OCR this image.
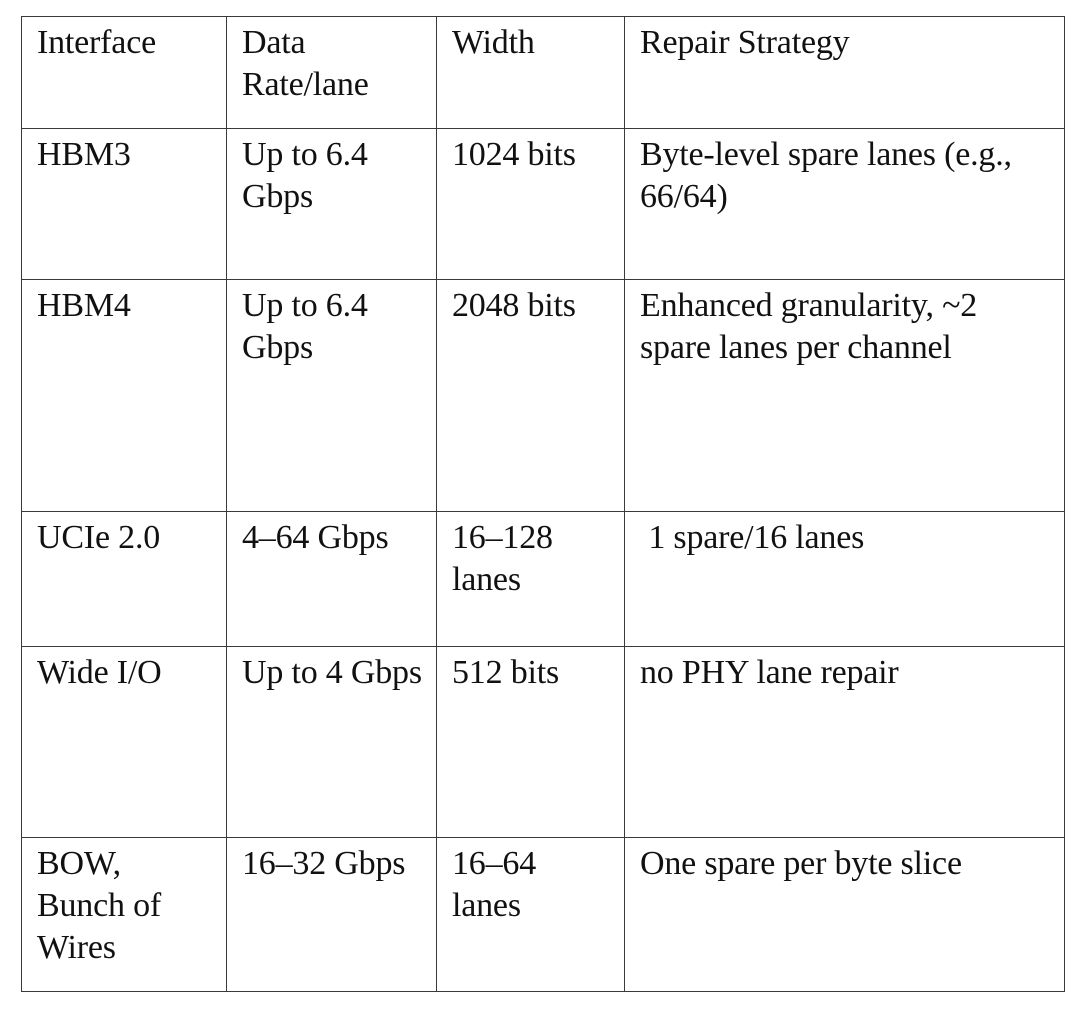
Interface	Data Rate/lane	Width	Repair Strategy
HBM3	Up to 6.4 Gbps	1024 bits	Byte-level spare lanes (e.g., 66/64)
HBM4	Up to 6.4 Gbps	2048 bits	Enhanced granularity, ~2 spare lanes per channel
UCIe 2.0	4–64 Gbps	16–128 lanes	1 spare/16 lanes
Wide I/O	Up to 4 Gbps	512 bits	no PHY lane repair
BOW, Bunch of Wires	16–32 Gbps	16–64 lanes	One spare per byte slice
